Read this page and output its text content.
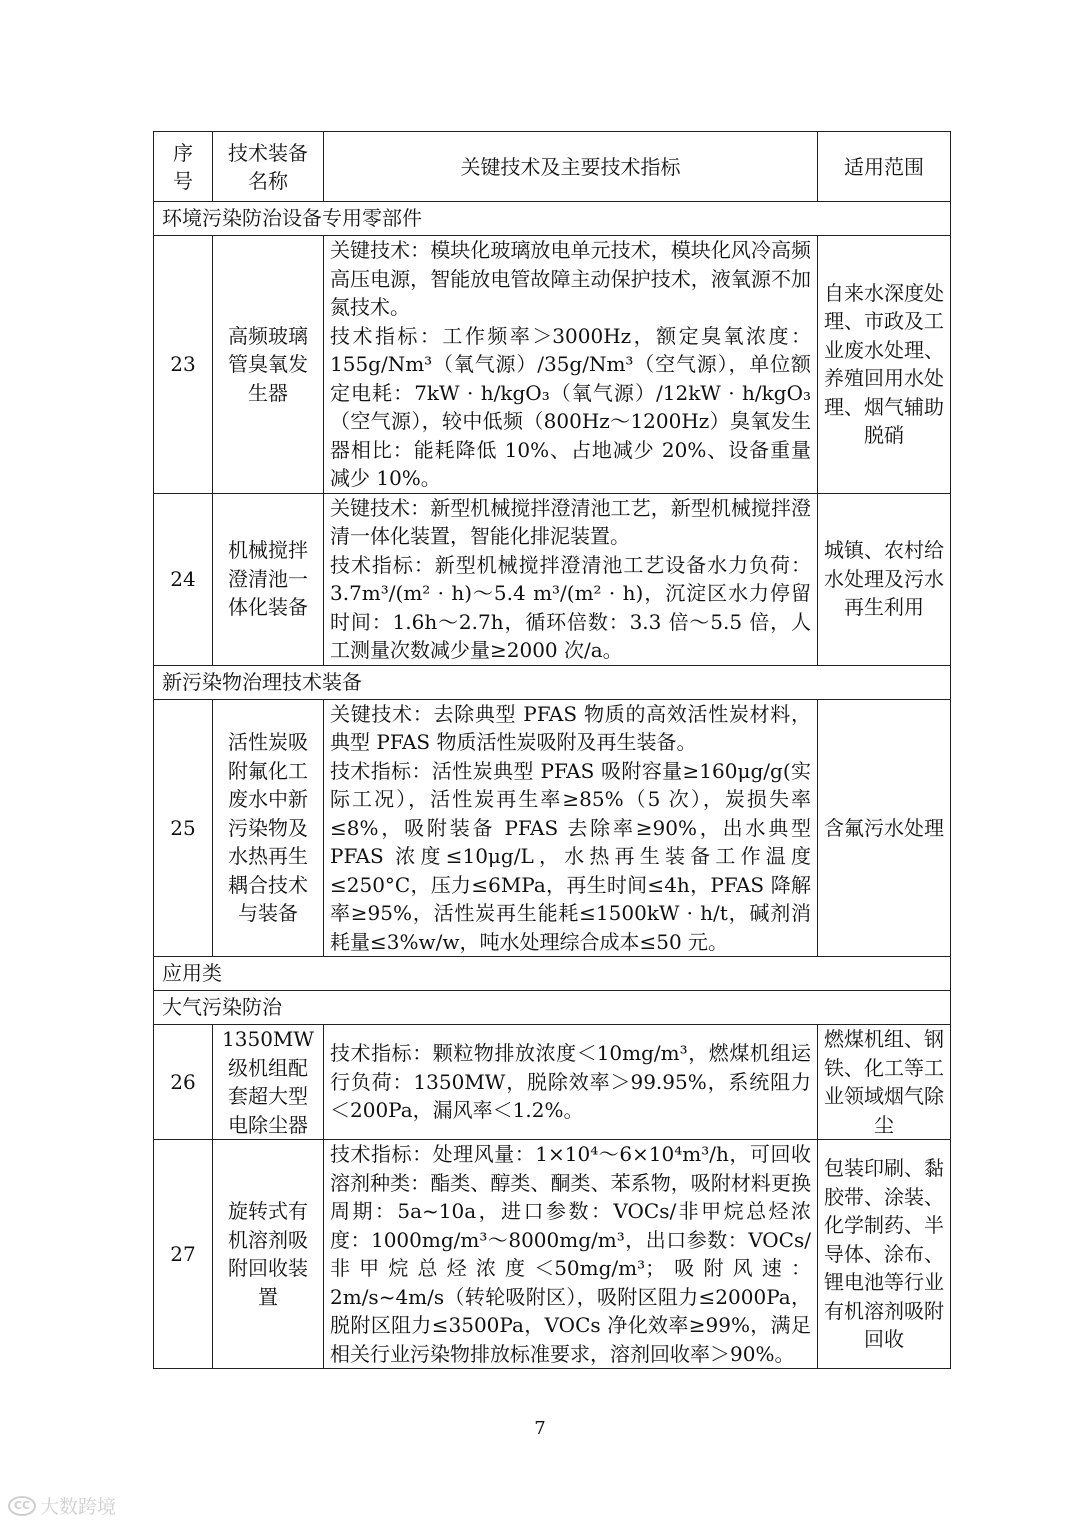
序号	技术装备名称	关键技术及主要技术指标	适用范围
环境污染防治设备专用零部件			
23	高频玻璃管臭氧发生器	关键技术：模块化玻璃放电单元技术，模块化风冷高频高压电源，智能放电管故障主动保护技术，液氧源不加氮技术。
技术指标：工作频率＞3000Hz，额定臭氧浓度：155g/Nm³（氧气源）/35g/Nm³（空气源），单位额定电耗：7kW · h/kgO₃（氧气源）/12kW · h/kgO₃（空气源），较中低频（800Hz～1200Hz）臭氧发生器相比：能耗降低 10%、占地减少 20%、设备重量减少 10%。	自来水深度处理、市政及工业废水处理、养殖回用水处理、烟气辅助脱硝
24	机械搅拌澄清池一体化装备	关键技术：新型机械搅拌澄清池工艺，新型机械搅拌澄清一体化装置，智能化排泥装置。
技术指标：新型机械搅拌澄清池工艺设备水力负荷：3.7m³/(m² · h)～5.4 m³/(m² · h)，沉淀区水力停留时间：1.6h～2.7h，循环倍数：3.3 倍～5.5 倍，人工测量次数减少量≥2000 次/a。	城镇、农村给水处理及污水再生利用
新污染物治理技术装备			
25	活性炭吸附氟化工废水中新污染物及水热再生耦合技术与装备	关键技术：去除典型 PFAS 物质的高效活性炭材料，典型 PFAS 物质活性炭吸附及再生装备。
技术指标：活性炭典型 PFAS 吸附容量≥160μg/g(实际工况），活性炭再生率≥85%（5 次），炭损失率≤8%，吸附装备 PFAS 去除率≥90%，出水典型 PFAS 浓度≤10μg/L，水热再生装备工作温度≤250°C，压力≤6MPa，再生时间≤4h，PFAS 降解率≥95%，活性炭再生能耗≤1500kW · h/t，碱剂消耗量≤3%w/w，吨水处理综合成本≤50 元。	含氟污水处理
应用类			
大气污染防治			
26	1350MW级机组配套超大型电除尘器	技术指标：颗粒物排放浓度＜10mg/m³，燃煤机组运行负荷：1350MW，脱除效率＞99.95%，系统阻力＜200Pa，漏风率＜1.2%。	燃煤机组、钢铁、化工等工业领域烟气除尘
27	旋转式有机溶剂吸附回收装置	技术指标：处理风量：1×10⁴～6×10⁴m³/h，可回收溶剂种类：酯类、醇类、酮类、苯系物，吸附材料更换周期：5a~10a，进口参数：VOCs/非甲烷总烃浓度：1000mg/m³～8000mg/m³，出口参数：VOCs/非甲烷总烃浓度＜50mg/m³；吸附风速：2m/s~4m/s（转轮吸附区），吸附区阻力≤2000Pa，脱附区阻力≤3500Pa，VOCs 净化效率≥99%，满足相关行业污染物排放标准要求，溶剂回收率＞90%。	包装印刷、黏胶带、涂装、化学制药、半导体、涂布、锂电池等行业有机溶剂吸附回收
7
CC 大数跨境
